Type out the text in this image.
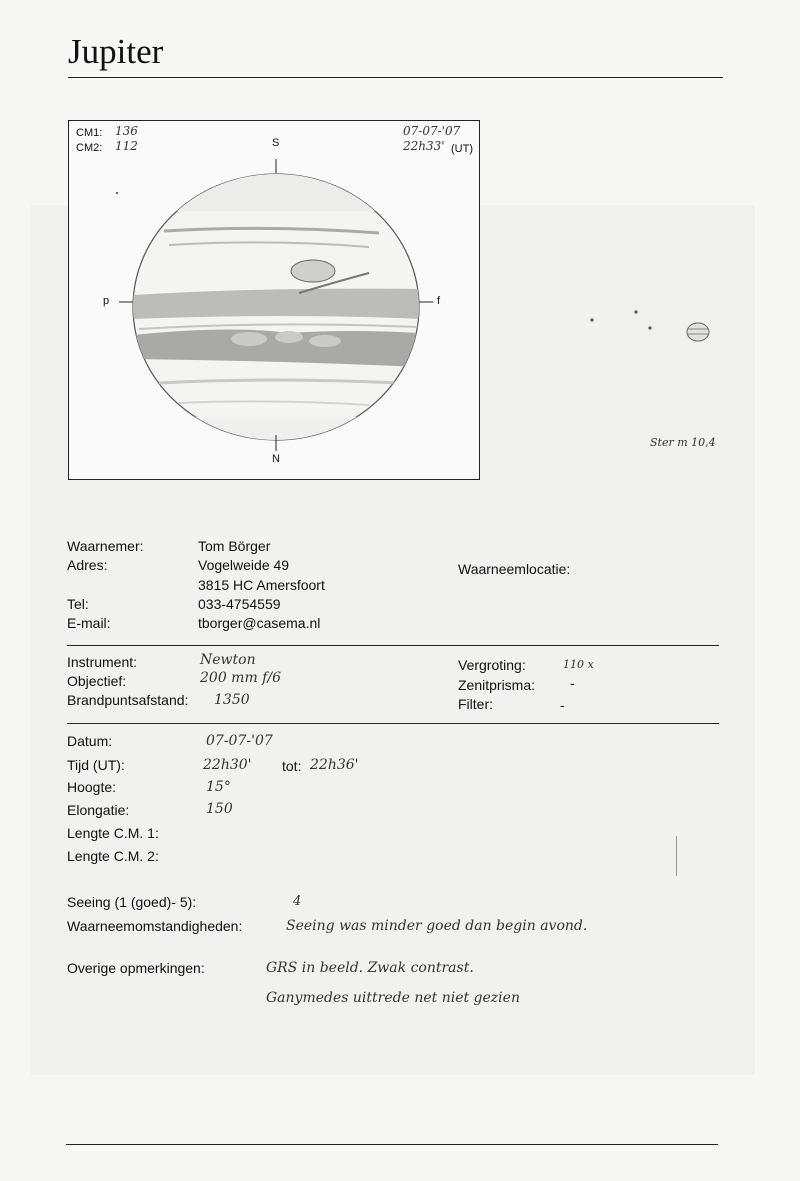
Jupiter
CM1: 136
CM2: 112
07-07-'07
22h33' (UT)
S
N
p	f
Ster m 10,4
Waarnemer:	Tom Börger
Adres:	Vogelweide 49
3815 HC Amersfoort
Waarneemlocatie:
Tel:	033-4754559
E-mail:	tborger@casema.nl
Instrument:	Newton
Objectief:	200 mm f/6
Brandpuntsafstand: 1350
Vergroting:	110 x
Zenitprisma: -
Filter:	-
Datum:	07-07-'07
Tijd (UT):	22h30' tot: 22h36'
Hoogte:	15°
Elongatie:	150
Lengte C.M. 1:
Lengte C.M. 2:
Seeing (1 (goed)- 5):	4
Waarneemomstandigheden:	Seeing was minder goed dan begin avond.
Overige opmerkingen:	GRS in beeld. Zwak contrast.
Ganymedes uittrede net niet gezien
